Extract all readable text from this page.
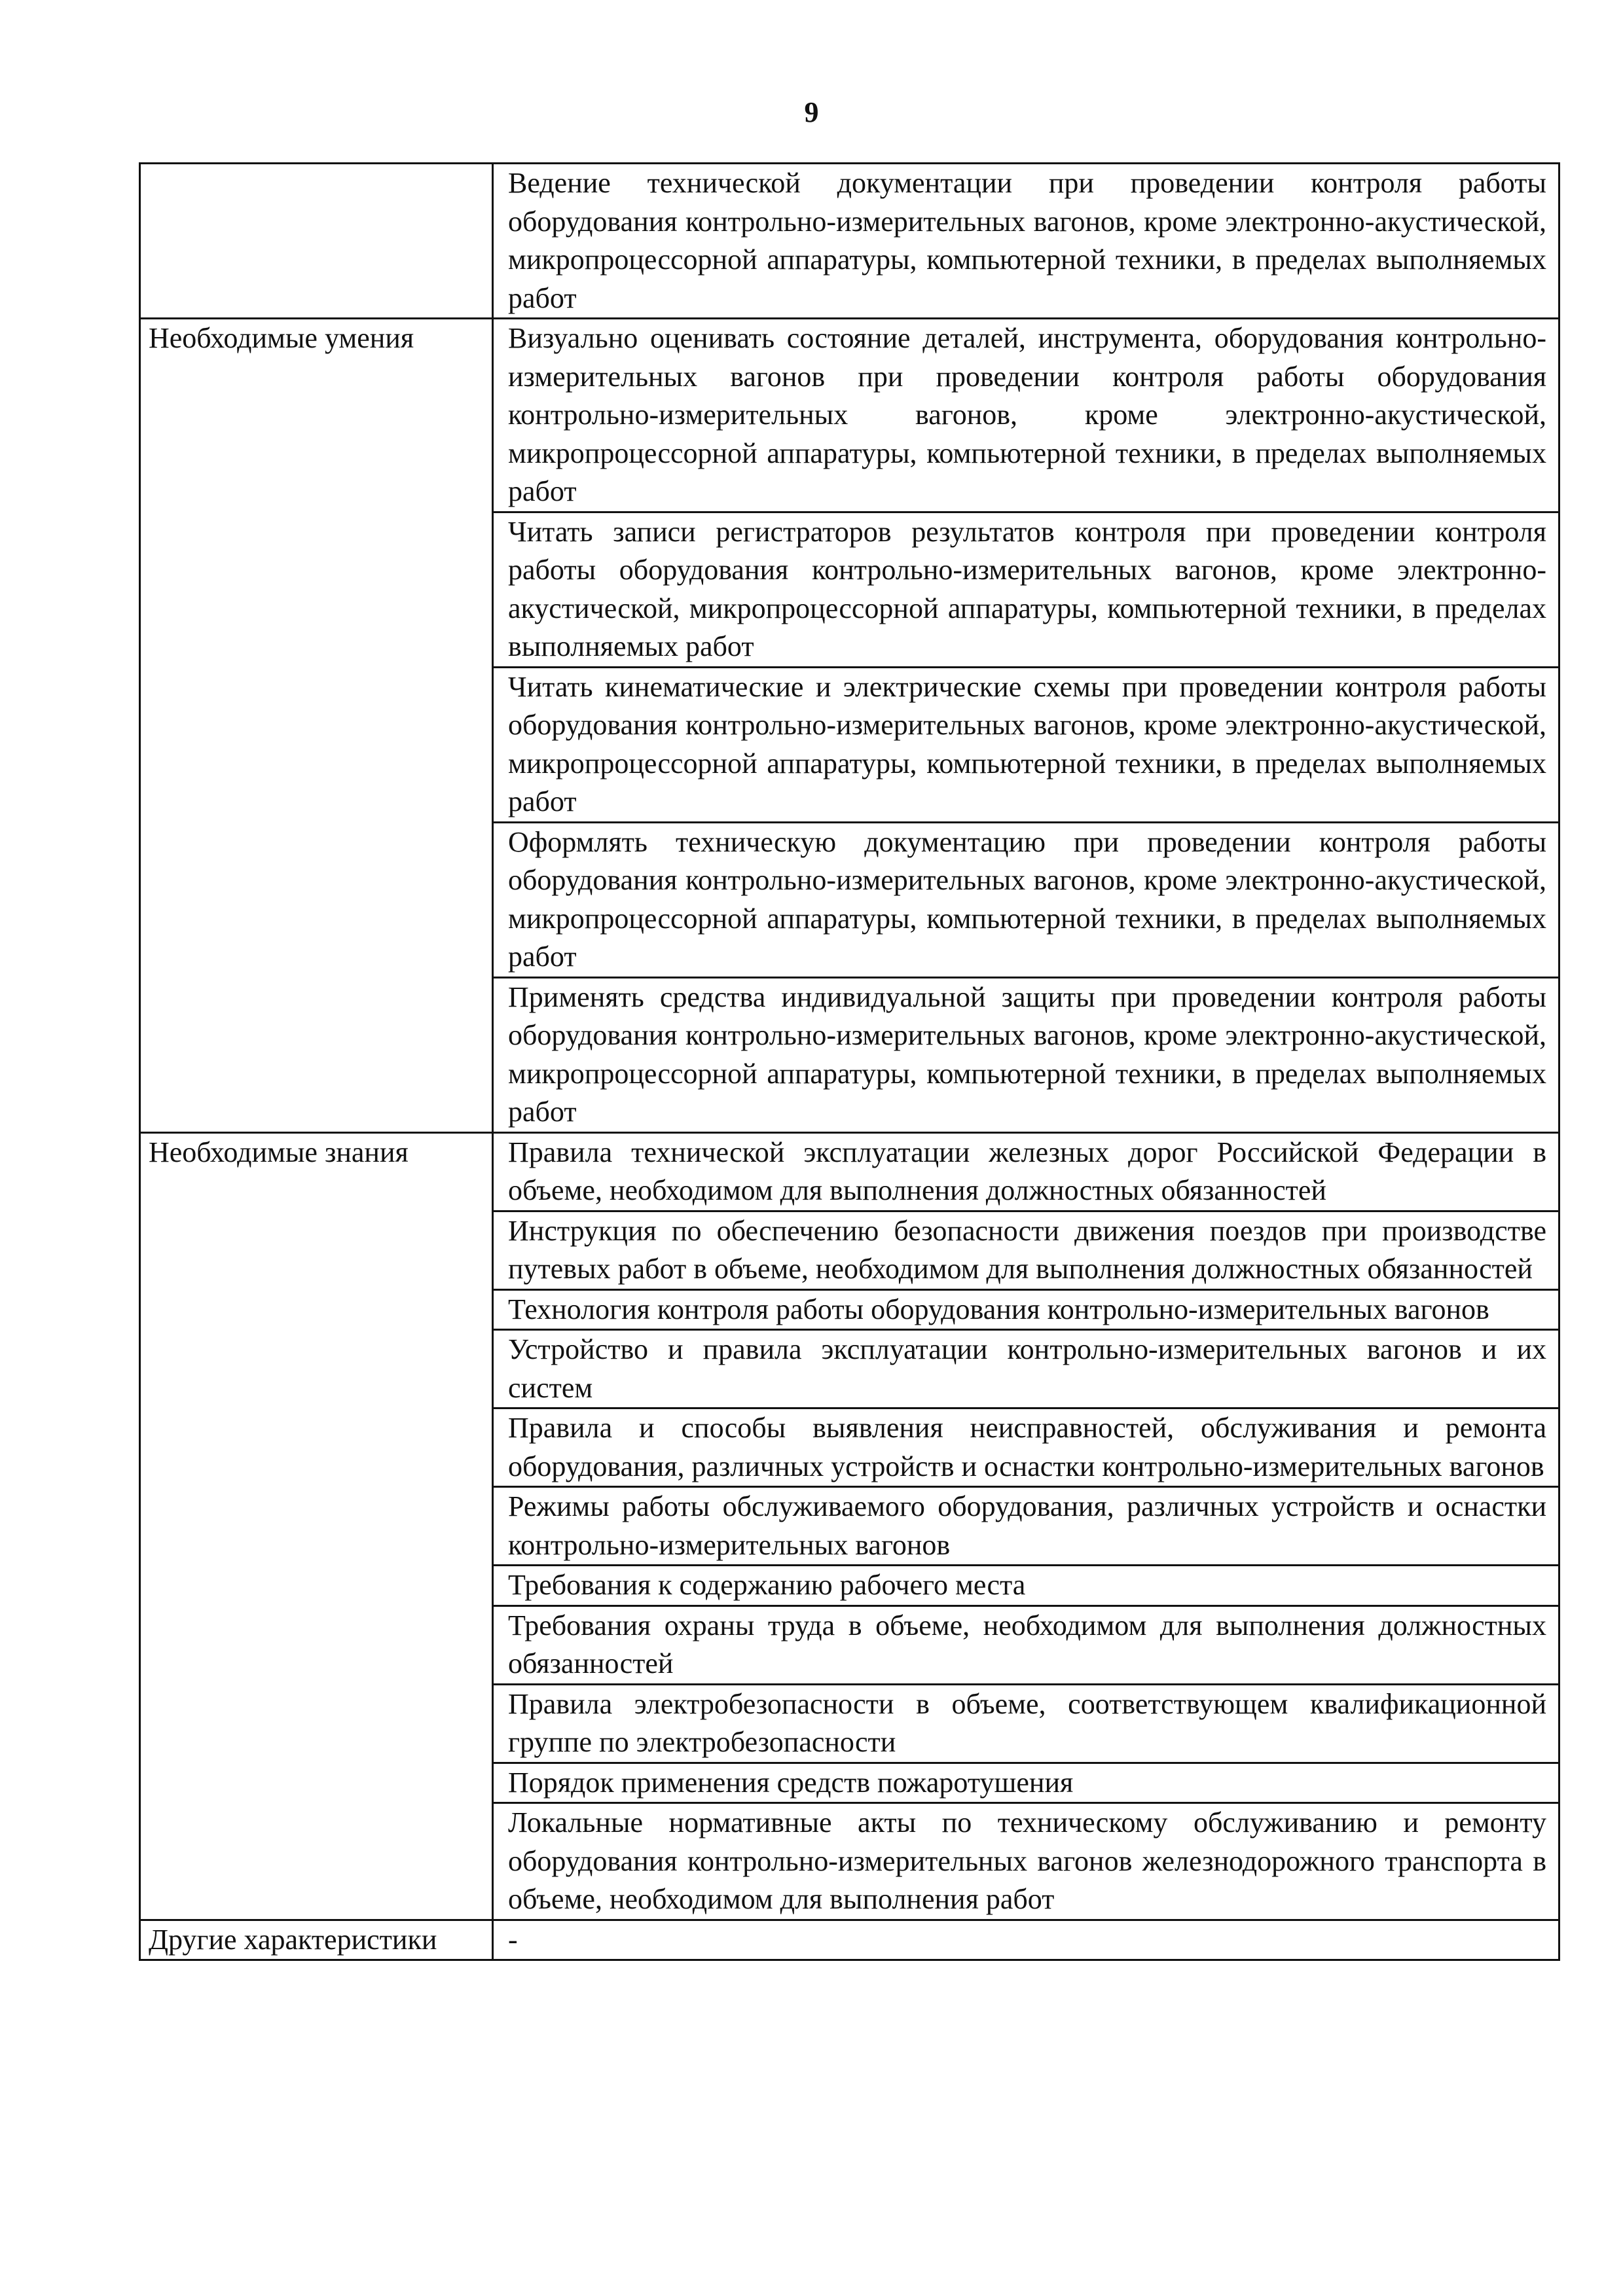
9
	Ведение технической документации при проведении контроля работы оборудования контрольно-измерительных вагонов, кроме электронно-акустической, микропроцессорной аппаратуры, компьютерной техники, в пределах выполняемых работ
Необходимые умения	Визуально оценивать состояние деталей, инструмента, оборудования контрольно-измерительных вагонов при проведении контроля работы оборудования контрольно-измерительных вагонов, кроме электронно-акустической, микропроцессорной аппаратуры, компьютерной техники, в пределах выполняемых работ
	Читать записи регистраторов результатов контроля при проведении контроля работы оборудования контрольно-измерительных вагонов, кроме электронно-акустической, микропроцессорной аппаратуры, компьютерной техники, в пределах выполняемых работ
	Читать кинематические и электрические схемы при проведении контроля работы оборудования контрольно-измерительных вагонов, кроме электронно-акустической, микропроцессорной аппаратуры, компьютерной техники, в пределах выполняемых работ
	Оформлять техническую документацию при проведении контроля работы оборудования контрольно-измерительных вагонов, кроме электронно-акустической, микропроцессорной аппаратуры, компьютерной техники, в пределах выполняемых работ
	Применять средства индивидуальной защиты при проведении контроля работы оборудования контрольно-измерительных вагонов, кроме электронно-акустической, микропроцессорной аппаратуры, компьютерной техники, в пределах выполняемых работ
Необходимые знания	Правила технической эксплуатации железных дорог Российской Федерации в объеме, необходимом для выполнения должностных обязанностей
	Инструкция по обеспечению безопасности движения поездов при производстве путевых работ в объеме, необходимом для выполнения должностных обязанностей
	Технология контроля работы оборудования контрольно-измерительных вагонов
	Устройство и правила эксплуатации контрольно-измерительных вагонов и их систем
	Правила и способы выявления неисправностей, обслуживания и ремонта оборудования, различных устройств и оснастки контрольно-измерительных вагонов
	Режимы работы обслуживаемого оборудования, различных устройств и оснастки контрольно-измерительных вагонов
	Требования к содержанию рабочего места
	Требования охраны труда в объеме, необходимом для выполнения должностных обязанностей
	Правила электробезопасности в объеме, соответствующем квалификационной группе по электробезопасности
	Порядок применения средств пожаротушения
	Локальные нормативные акты по техническому обслуживанию и ремонту оборудования контрольно-измерительных вагонов железнодорожного транспорта в объеме, необходимом для выполнения работ
Другие характеристики	-
